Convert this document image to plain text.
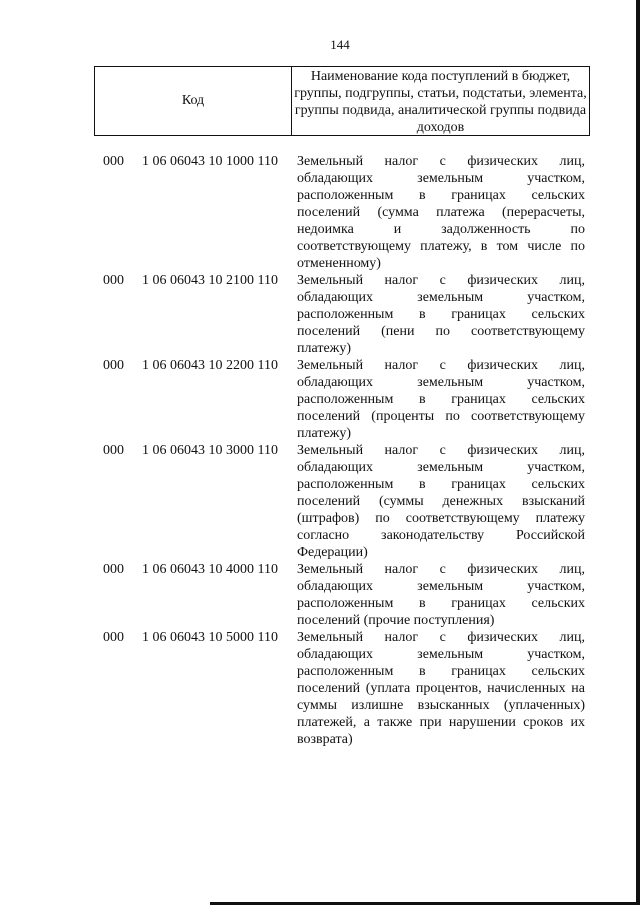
144
Код
Наименование кода поступлений в бюджет, группы, подгруппы, статьи, подстатьи, элемента, группы подвида, аналитической группы подвида доходов
000 1 06 06043 10 1000 110 Земельный налог с физических лиц, обладающих земельным участком, расположенным в границах сельских поселений (сумма платежа (перерасчеты, недоимка и задолженность по соответствующему платежу, в том числе по отмененному)
000 1 06 06043 10 2100 110 Земельный налог с физических лиц, обладающих земельным участком, расположенным в границах сельских поселений (пени по соответствующему платежу)
000 1 06 06043 10 2200 110 Земельный налог с физических лиц, обладающих земельным участком, расположенным в границах сельских поселений (проценты по соответствующему платежу)
000 1 06 06043 10 3000 110 Земельный налог с физических лиц, обладающих земельным участком, расположенным в границах сельских поселений (суммы денежных взысканий (штрафов) по соответствующему платежу согласно законодательству Российской Федерации)
000 1 06 06043 10 4000 110 Земельный налог с физических лиц, обладающих земельным участком, расположенным в границах сельских поселений (прочие поступления)
000 1 06 06043 10 5000 110 Земельный налог с физических лиц, обладающих земельным участком, расположенным в границах сельских поселений (уплата процентов, начисленных на суммы излишне взысканных (уплаченных) платежей, а также при нарушении сроков их возврата)
